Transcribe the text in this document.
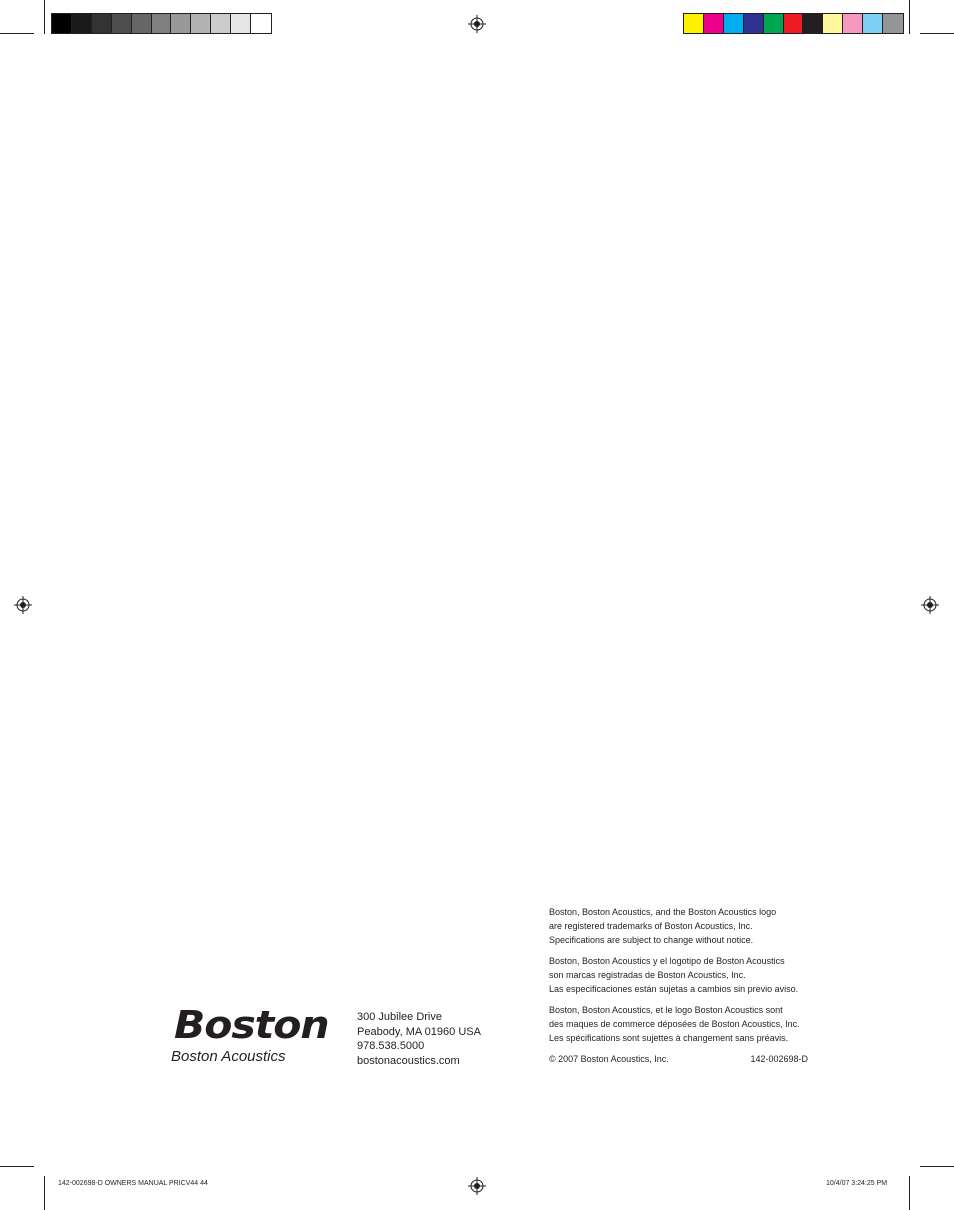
Boston
Boston Acoustics
300 Jubilee Drive
Peabody, MA 01960 USA
978.538.5000
bostonacoustics.com
Boston, Boston Acoustics, and the Boston Acoustics logo
are registered trademarks of Boston Acoustics, Inc.
Specifications are subject to change without notice.
Boston, Boston Acoustics y el logotipo de Boston Acoustics
son marcas registradas de Boston Acoustics, Inc.
Las especificaciones están sujetas a cambios sin previo aviso.
Boston, Boston Acoustics, et le logo Boston Acoustics sont
des maques de commerce déposées de Boston Acoustics, Inc.
Les spécifications sont sujettes à changement sans préavis.
© 2007 Boston Acoustics, Inc.	142-002698-D
142-002698-D OWNERS MANUAL PRICV44 44	10/4/07 3:24:25 PM
